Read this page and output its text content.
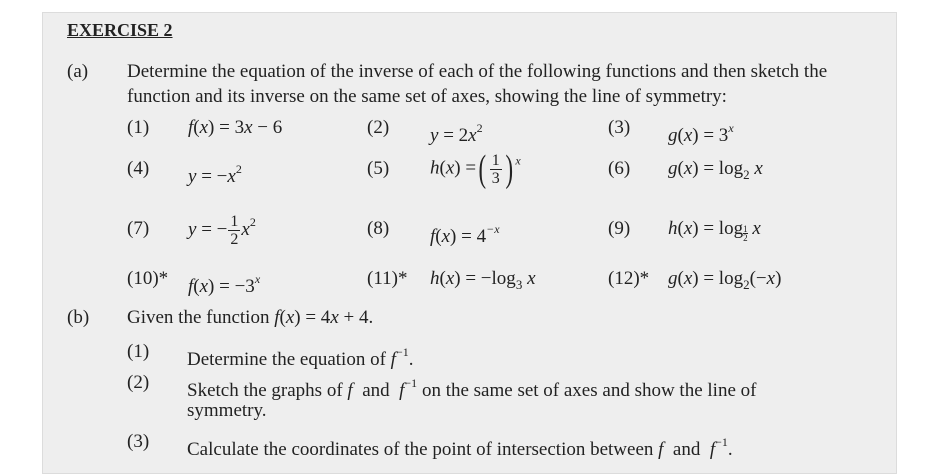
EXERCISE 2
(a) Determine the equation of the inverse of each of the following functions and then sketch the
function and its inverse on the same set of axes, showing the line of symmetry:
(1) f(x) = 3x − 6	(2) $y = 2x^2$	(3) $g(x) = 3^x$
(4) $y = -x^2$	(5) h(x) =( $\frac{1}{3}$ ) $^x$	(6) $g(x) = \log_2 x$
(7) y = − $\frac{1}{2} x^2$	(8) $f(x) = 4^{-x}$	(9) $h(x) = \log \frac{1}{2}$ x
(10)* $f(x) = -3^x$	(11)* $h(x) = -\log_3$ x	(12)* $g(x) = \log_2(-x)$
(b) Given the function f(x) = 4x + 4.
(1) Determine the equation of $f^{-1}$.
(2) Sketch the graphs of f  and  $f^{-1}$ on the same set of axes and show the line of
symmetry.
(3) Calculate the coordinates of the point of intersection between f  and  $f^{-1}$.
